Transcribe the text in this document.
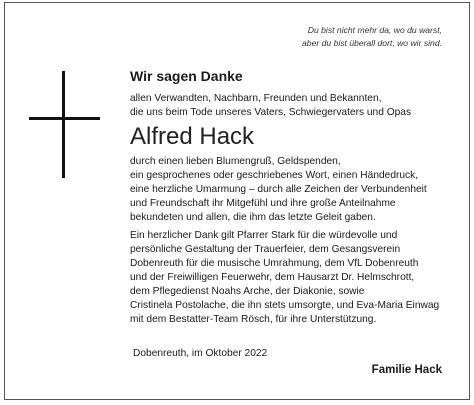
Du bist nicht mehr da, wo du warst,
aber du bist überall dort, wo wir sind.
Wir sagen Danke
allen Verwandten, Nachbarn, Freunden und Bekannten,
die uns beim Tode unseres Vaters, Schwiegervaters und Opas
Alfred Hack
durch einen lieben Blumengruß, Geldspenden,
ein gesprochenes oder geschriebenes Wort, einen Händedruck,
eine herzliche Umarmung – durch alle Zeichen der Verbundenheit
und Freundschaft ihr Mitgefühl und ihre große Anteilnahme
bekundeten und allen, die ihm das letzte Geleit gaben.
Ein herzlicher Dank gilt Pfarrer Stark für die würdevolle und
persönliche Gestaltung der Trauerfeier, dem Gesangsverein
Dobenreuth für die musische Umrahmung, dem VfL Dobenreuth
und der Freiwilligen Feuerwehr, dem Hausarzt Dr. Helmschrott,
dem Pflegedienst Noahs Arche, der Diakonie, sowie
Cristinela Postolache, die ihn stets umsorgte, und Eva-Maria Einwag
mit dem Bestatter-Team Rösch, für ihre Unterstützung.
Dobenreuth, im Oktober 2022
Familie Hack
